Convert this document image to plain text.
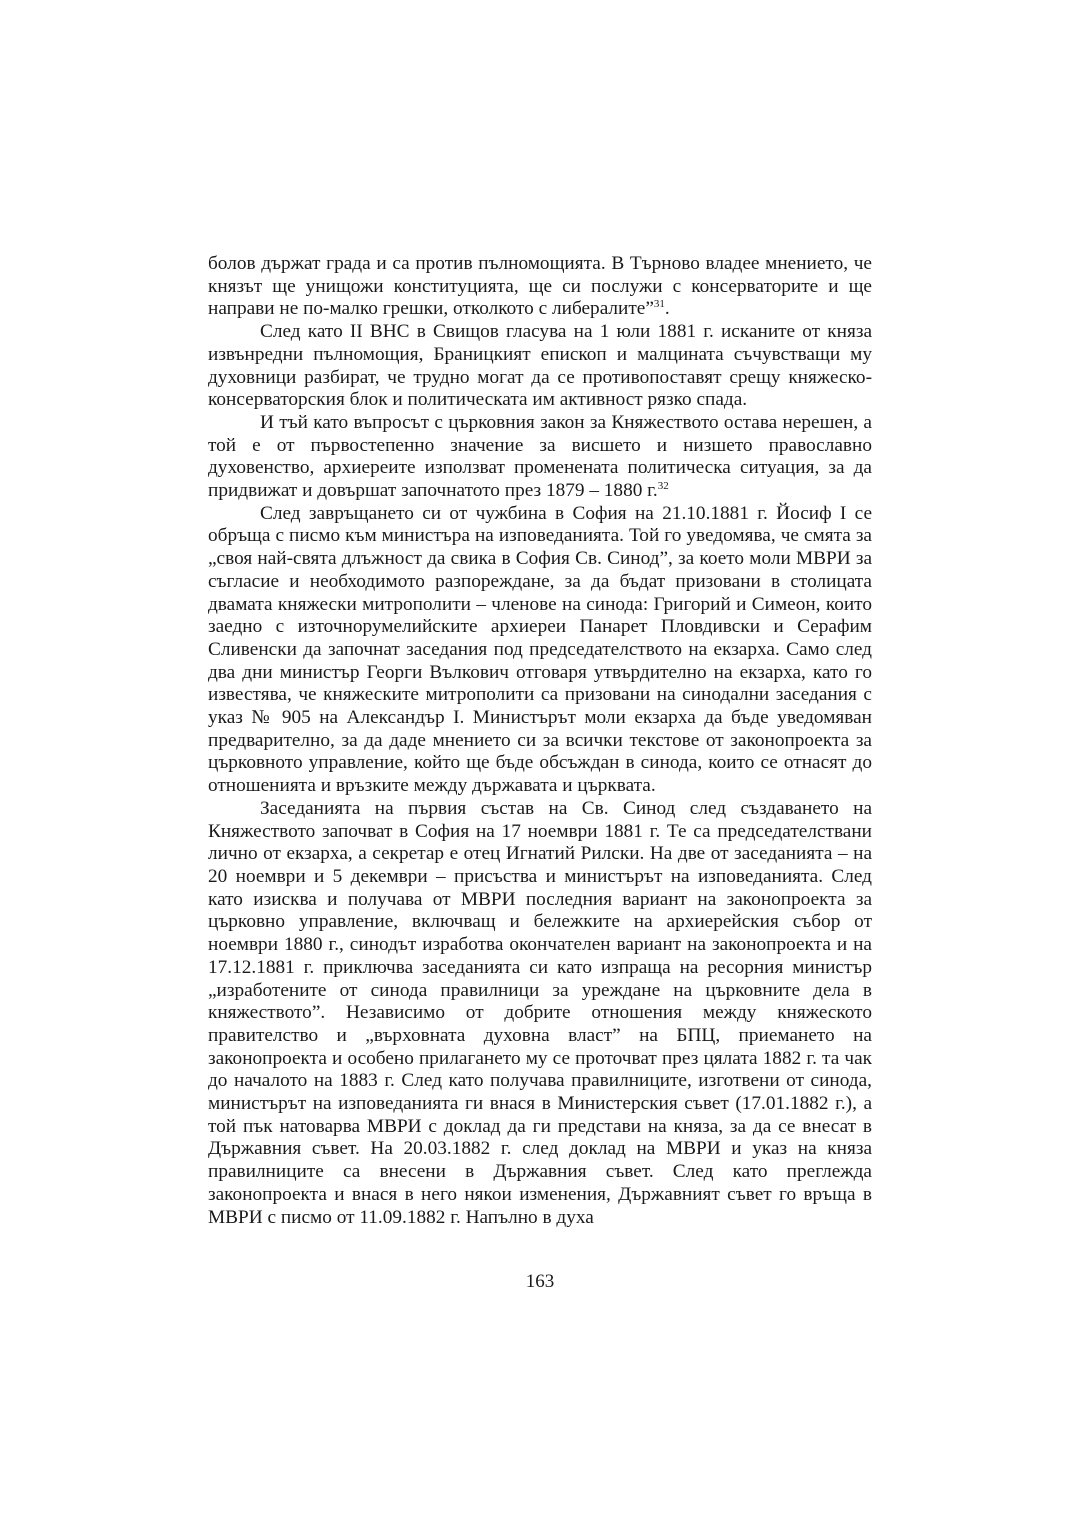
болов държат града и са против пълномощията. В Търново владее мнението, че князът ще унищожи конституцията, ще си послужи с консерваторите и ще направи не по-малко грешки, отколкото с либералите”$^{31}$.

След като II ВНС в Свищов гласува на 1 юли 1881 г. исканите от княза извънредни пълномощия, Браницкият епископ и малцината съчувстващи му духовници разбират, че трудно могат да се противопоставят срещу княжеско-консерваторския блок и политическата им активност рязко спада.

И тъй като въпросът с църковния закон за Княжеството остава нерешен, а той е от първостепенно значение за висшето и низшето православно духовенство, архиереите използват променената политическа ситуация, за да придвижат и довършат започнатото през 1879 – 1880 г.$^{32}$

След завръщането си от чужбина в София на 21.10.1881 г. Йосиф I се обръща с писмо към министъра на изповеданията. Той го уведомява, че смята за „своя най-свята длъжност да свика в София Св. Синод”, за което моли МВРИ за съгласие и необходимото разпореждане, за да бъдат призовани в столицата двамата княжески митрополити – членове на синода: Григорий и Симеон, които заедно с източнорумелийските архиереи Панарет Пловдивски и Серафим Сливенски да започнат заседания под председателството на екзарха. Само след два дни министър Георги Вълкович отговаря утвърдително на екзарха, като го известява, че княжеските митрополити са призовани на синодални заседания с указ № 905 на Александър I. Министърът моли екзарха да бъде уведомяван предварително, за да даде мнението си за всички текстове от законопроекта за църковното управление, който ще бъде обсъждан в синода, които се отнасят до отношенията и връзките между държавата и църквата.

Заседанията на първия състав на Св. Синод след създаването на Княжеството започват в София на 17 ноември 1881 г. Те са председателствани лично от екзарха, а секретар е отец Игнатий Рилски. На две от заседанията – на 20 ноември и 5 декември – присъства и министърът на изповеданията. След като изисква и получава от МВРИ последния вариант на законопроекта за църковно управление, включващ и бележките на архиерейския събор от ноември 1880 г., синодът изработва окончателен вариант на законопроекта и на 17.12.1881 г. приключва заседанията си като изпраща на ресорния министър „изработените от синода правилници за уреждане на църковните дела в княжеството”. Независимо от добрите отношения между княжеското правителство и „върховната духовна власт” на БПЦ, приемането на законопроекта и особено прилагането му се проточват през цялата 1882 г. та чак до началото на 1883 г. След като получава правилниците, изготвени от синода, министърът на изповеданията ги внася в Министерския съвет (17.01.1882 г.), а той пък натоварва МВРИ с доклад да ги представи на княза, за да се внесат в Държавния съвет. На 20.03.1882 г. след доклад на МВРИ и указ на княза правилниците са внесени в Държавния съвет. След като преглежда законопроекта и внася в него някои изменения, Държавният съвет го връща в МВРИ с писмо от 11.09.1882 г. Напълно в духа

163
